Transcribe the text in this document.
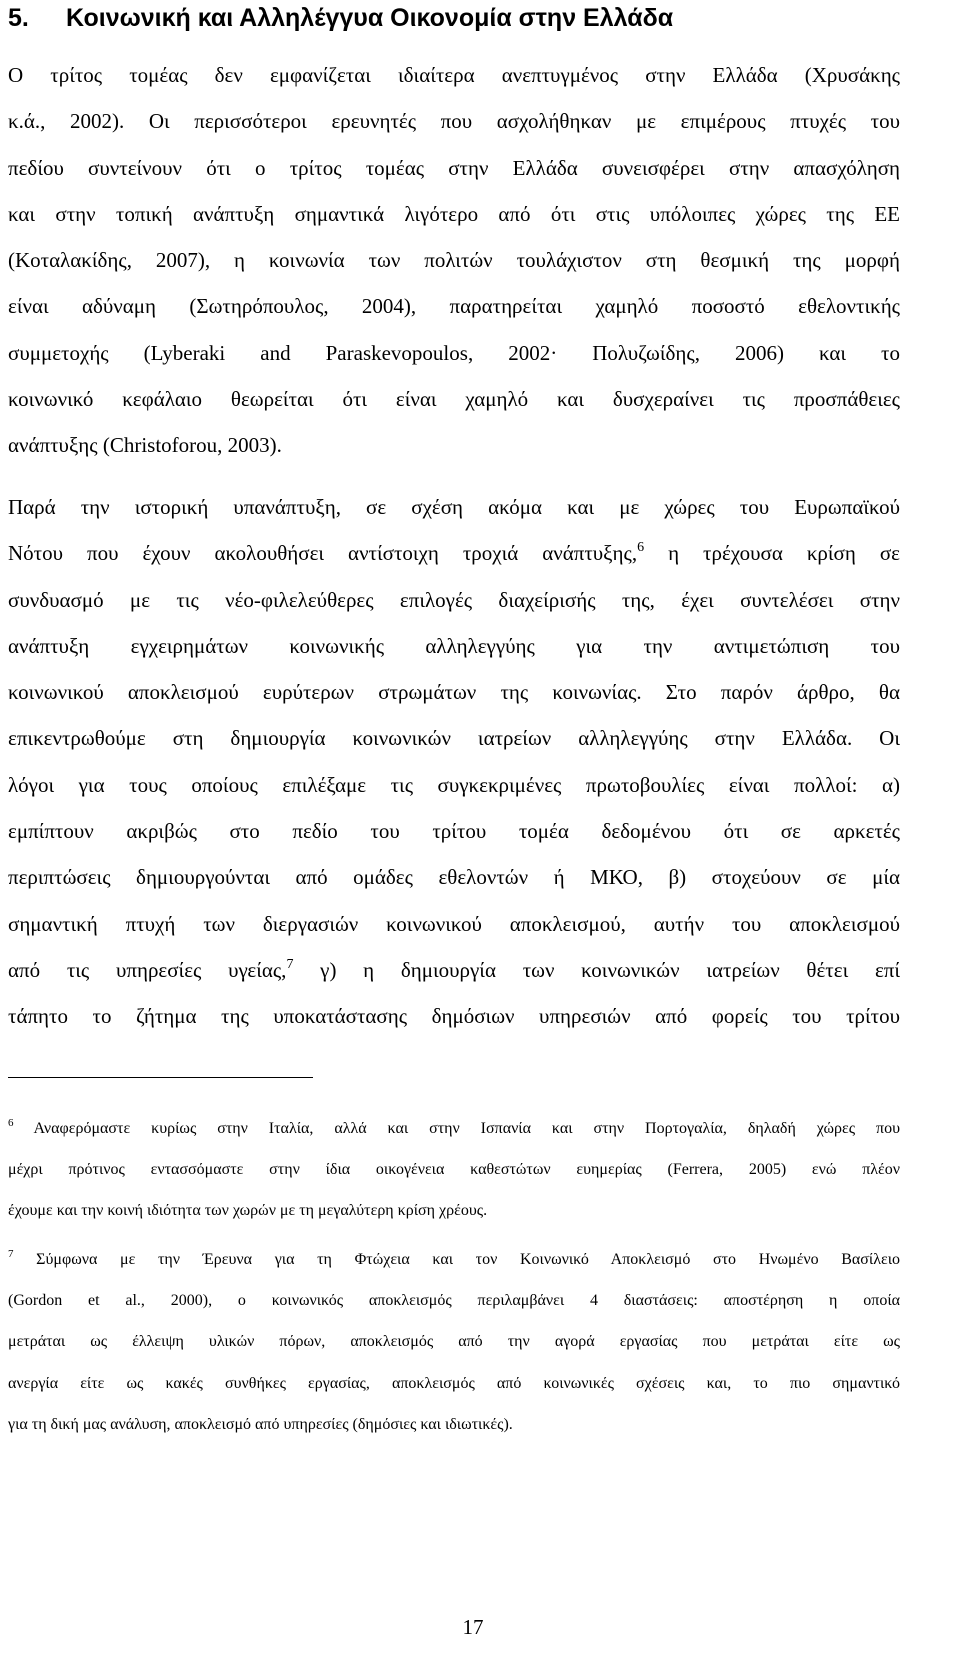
5. Κοινωνική και Αλληλέγγυα Οικονομία στην Ελλάδα
Ο τρίτος τομέας δεν εμφανίζεται ιδιαίτερα ανεπτυγμένος στην Ελλάδα (Χρυσάκης
κ.ά., 2002). Οι περισσότεροι ερευνητές που ασχολήθηκαν με επιμέρους πτυχές του
πεδίου συντείνουν ότι ο τρίτος τομέας στην Ελλάδα συνεισφέρει στην απασχόληση
και στην τοπική ανάπτυξη σημαντικά λιγότερο από ότι στις υπόλοιπες χώρες της ΕΕ
(Κοταλακίδης, 2007), η κοινωνία των πολιτών τουλάχιστον στη θεσμική της μορφή
είναι αδύναμη (Σωτηρόπουλος, 2004), παρατηρείται χαμηλό ποσοστό εθελοντικής
συμμετοχής (Lyberaki and Paraskevopoulos, 2002· Πολυζωίδης, 2006) και το
κοινωνικό κεφάλαιο θεωρείται ότι είναι χαμηλό και δυσχεραίνει τις προσπάθειες
ανάπτυξης (Christoforou, 2003).
Παρά την ιστορική υπανάπτυξη, σε σχέση ακόμα και με χώρες του Ευρωπαϊκού
Νότου που έχουν ακολουθήσει αντίστοιχη τροχιά ανάπτυξης,$^6$ η τρέχουσα κρίση σε
συνδυασμό με τις νέο-φιλελεύθερες επιλογές διαχείρισής της, έχει συντελέσει στην
ανάπτυξη εγχειρημάτων κοινωνικής αλληλεγγύης για την αντιμετώπιση του
κοινωνικού αποκλεισμού ευρύτερων στρωμάτων της κοινωνίας. Στο παρόν άρθρο, θα
επικεντρωθούμε στη δημιουργία κοινωνικών ιατρείων αλληλεγγύης στην Ελλάδα. Οι
λόγοι για τους οποίους επιλέξαμε τις συγκεκριμένες πρωτοβουλίες είναι πολλοί: α)
εμπίπτουν ακριβώς στο πεδίο του τρίτου τομέα δεδομένου ότι σε αρκετές
περιπτώσεις δημιουργούνται από ομάδες εθελοντών ή ΜΚΟ, β) στοχεύουν σε μία
σημαντική πτυχή των διεργασιών κοινωνικού αποκλεισμού, αυτήν του αποκλεισμού
από τις υπηρεσίες υγείας,$^7$ γ) η δημιουργία των κοινωνικών ιατρείων θέτει επί
τάπητο το ζήτημα της υποκατάστασης δημόσιων υπηρεσιών από φορείς του τρίτου
$^6$ Αναφερόμαστε κυρίως στην Ιταλία, αλλά και στην Ισπανία και στην Πορτογαλία, δηλαδή χώρες που
μέχρι πρότινος εντασσόμαστε στην ίδια οικογένεια καθεστώτων ευημερίας (Ferrera, 2005) ενώ πλέον
έχουμε και την κοινή ιδιότητα των χωρών με τη μεγαλύτερη κρίση χρέους.
$^7$ Σύμφωνα με την Έρευνα για τη Φτώχεια και τον Κοινωνικό Αποκλεισμό στο Ηνωμένο Βασίλειο
(Gordon et al., 2000), ο κοινωνικός αποκλεισμός περιλαμβάνει 4 διαστάσεις: αποστέρηση η οποία
μετράται ως έλλειψη υλικών πόρων, αποκλεισμός από την αγορά εργασίας που μετράται είτε ως
ανεργία είτε ως κακές συνθήκες εργασίας, αποκλεισμός από κοινωνικές σχέσεις και, το πιο σημαντικό
για τη δική μας ανάλυση, αποκλεισμό από υπηρεσίες (δημόσιες και ιδιωτικές).
17
